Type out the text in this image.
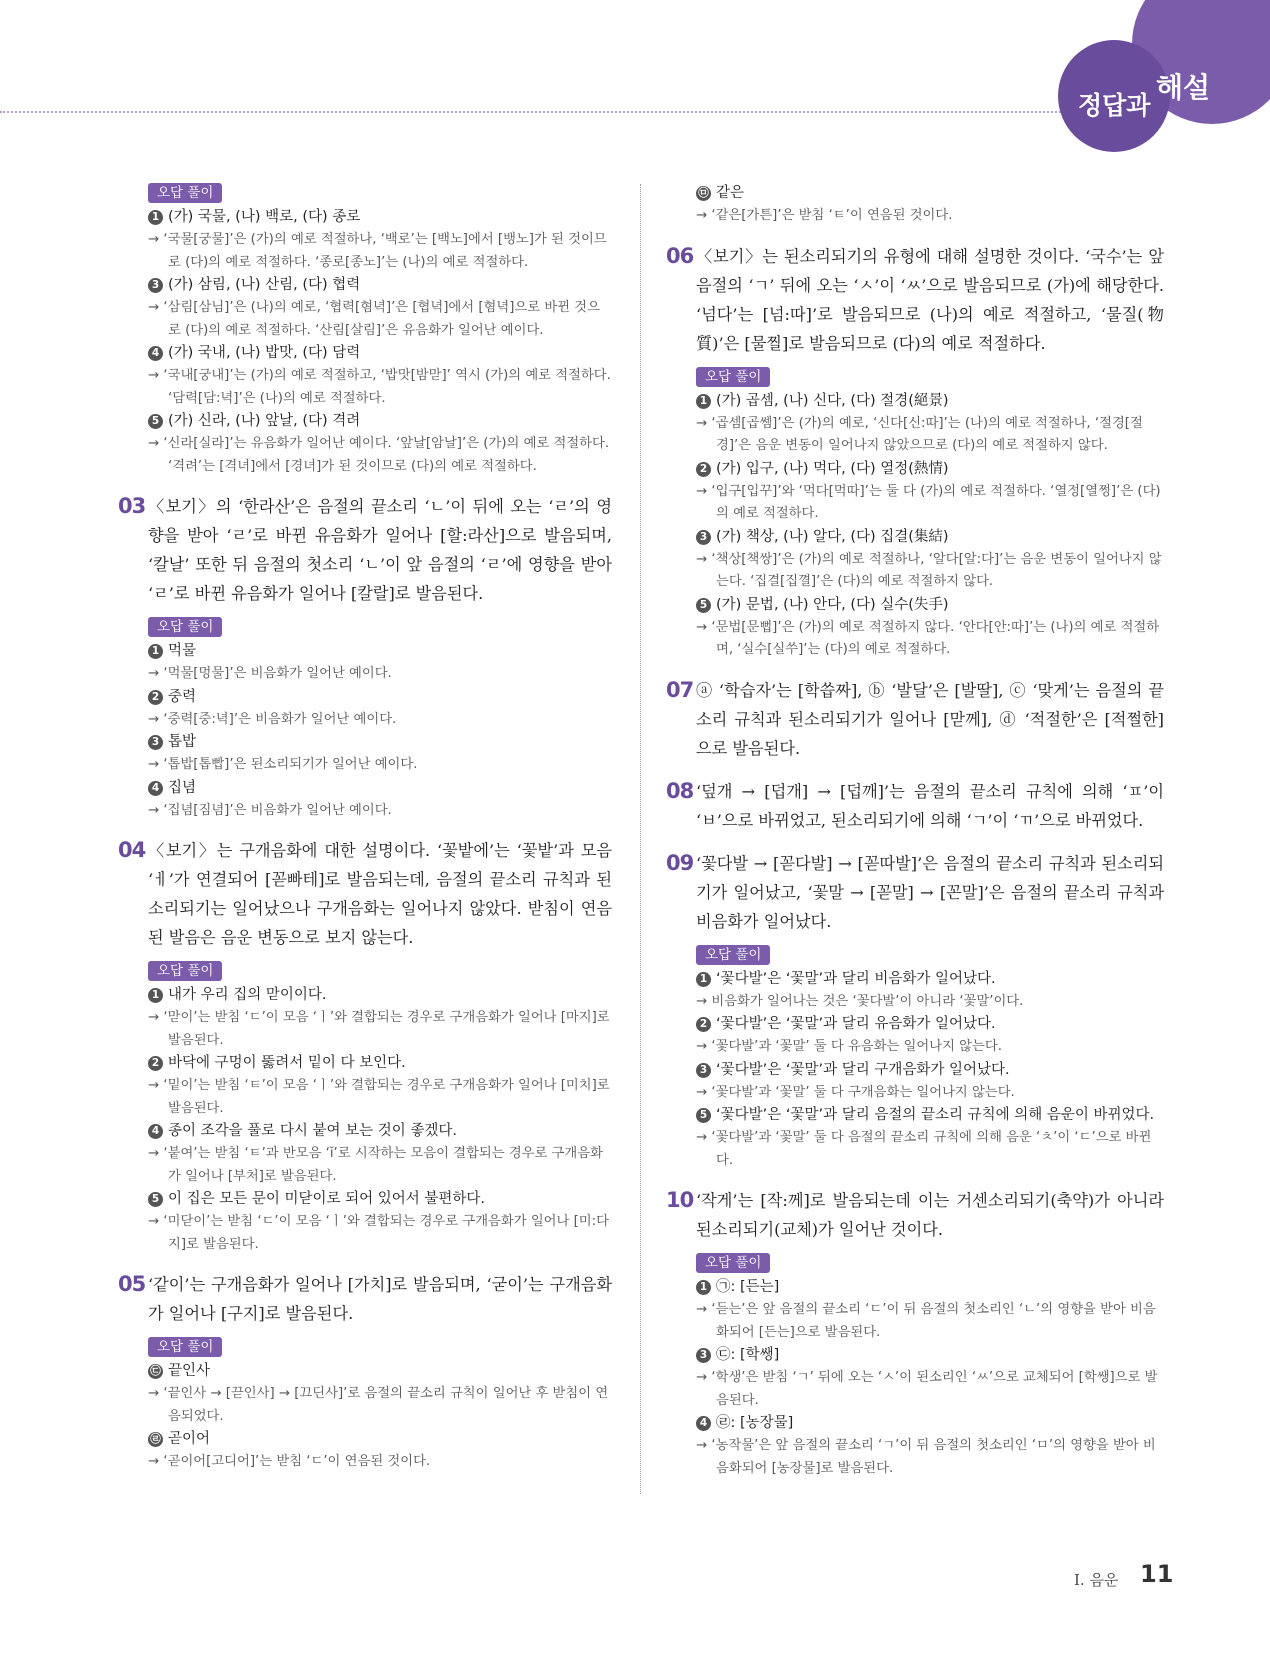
정답과
해설
오답 풀이
1 (가) 국물, (나) 백로, (다) 종로
→ ‘국물[궁물]’은 (가)의 예로 적절하나, ‘백로’는 [백노]에서 [뱅노]가 된 것이므로 (다)의 예로 적절하다. ‘종로[종노]’는 (나)의 예로 적절하다.
3 (가) 삼림, (나) 산림, (다) 협력
→ ‘삼림[삼님]’은 (나)의 예로, ‘협력[혐녁]’은 [협녁]에서 [혐녁]으로 바뀐 것으로 (다)의 예로 적절하다. ‘산림[살림]’은 유음화가 일어난 예이다.
4 (가) 국내, (나) 밥맛, (다) 담력
→ ‘국내[궁내]’는 (가)의 예로 적절하고, ‘밥맛[밤맏]’ 역시 (가)의 예로 적절하다. ‘담력[담:녁]’은 (나)의 예로 적절하다.
5 (가) 신라, (나) 앞날, (다) 격려
→ ‘신라[실라]’는 유음화가 일어난 예이다. ‘앞날[암날]’은 (가)의 예로 적절하다. ‘격려’는 [격녀]에서 [경녀]가 된 것이므로 (다)의 예로 적절하다.
03 〈보기〉의 ‘한라산’은 음절의 끝소리 ‘ㄴ’이 뒤에 오는 ‘ㄹ’의 영향을 받아 ‘ㄹ’로 바뀐 유음화가 일어나 [할:라산]으로 발음되며, ‘칼날’ 또한 뒤 음절의 첫소리 ‘ㄴ’이 앞 음절의 ‘ㄹ’에 영향을 받아 ‘ㄹ’로 바뀐 유음화가 일어나 [칼랄]로 발음된다.
오답 풀이
1 먹물
→ ‘먹물[멍물]’은 비음화가 일어난 예이다.
2 중력
→ ‘중력[중:녁]’은 비음화가 일어난 예이다.
3 톱밥
→ ‘톱밥[톱빱]’은 된소리되기가 일어난 예이다.
4 집념
→ ‘집념[짐념]’은 비음화가 일어난 예이다.
04 〈보기〉는 구개음화에 대한 설명이다. ‘꽃밭에’는 ‘꽃밭’과 모음 ‘ㅔ’가 연결되어 [꼳빠테]로 발음되는데, 음절의 끝소리 규칙과 된소리되기는 일어났으나 구개음화는 일어나지 않았다. 받침이 연음된 발음은 음운 변동으로 보지 않는다.
오답 풀이
1 내가 우리 집의 맏이이다.
→ ‘맏이’는 받침 ‘ㄷ’이 모음 ‘ㅣ’와 결합되는 경우로 구개음화가 일어나 [마지]로 발음된다.
2 바닥에 구멍이 뚫려서 밑이 다 보인다.
→ ‘밑이’는 받침 ‘ㅌ’이 모음 ‘ㅣ’와 결합되는 경우로 구개음화가 일어나 [미치]로 발음된다.
4 종이 조각을 풀로 다시 붙여 보는 것이 좋겠다.
→ ‘붙여’는 받침 ‘ㅌ’과 반모음 ‘ĭ’로 시작하는 모음이 결합되는 경우로 구개음화가 일어나 [부처]로 발음된다.
5 이 집은 모든 문이 미닫이로 되어 있어서 불편하다.
→ ‘미닫이’는 받침 ‘ㄷ’이 모음 ‘ㅣ’와 결합되는 경우로 구개음화가 일어나 [미:다지]로 발음된다.
05 ‘같이’는 구개음화가 일어나 [가치]로 발음되며, ‘굳이’는 구개음화가 일어나 [구지]로 발음된다.
오답 풀이
㉢ 끝인사
→ ‘끝인사 → [끋인사] → [끄딘사]’로 음절의 끝소리 규칙이 일어난 후 받침이 연음되었다.
㉣ 곧이어
→ ‘곧이어[고디어]’는 받침 ‘ㄷ’이 연음된 것이다.
㉤ 같은
→ ‘같은[가튼]’은 받침 ‘ㅌ’이 연음된 것이다.
06 〈보기〉는 된소리되기의 유형에 대해 설명한 것이다. ‘국수’는 앞 음절의 ‘ㄱ’ 뒤에 오는 ‘ㅅ’이 ‘ㅆ’으로 발음되므로 (가)에 해당한다. ‘넘다’는 [넘:따]’로 발음되므로 (나)의 예로 적절하고, ‘물질(物質)’은 [물찔]로 발음되므로 (다)의 예로 적절하다.
오답 풀이
1 (가) 곱셈, (나) 신다, (다) 절경(絕景)
→ ‘곱셈[곱쎔]’은 (가)의 예로, ‘신다[신:따]’는 (나)의 예로 적절하나, ‘절경[절경]’은 음운 변동이 일어나지 않았으므로 (다)의 예로 적절하지 않다.
2 (가) 입구, (나) 먹다, (다) 열정(熱情)
→ ‘입구[입꾸]’와 ‘먹다[먹따]’는 둘 다 (가)의 예로 적절하다. ‘열정[열쩡]’은 (다)의 예로 적절하다.
3 (가) 책상, (나) 알다, (다) 집결(集結)
→ ‘책상[책쌍]’은 (가)의 예로 적절하나, ‘알다[알:다]’는 음운 변동이 일어나지 않는다. ‘집결[집껼]’은 (다)의 예로 적절하지 않다.
5 (가) 문법, (나) 안다, (다) 실수(失手)
→ ‘문법[문뻡]’은 (가)의 예로 적절하지 않다. ‘안다[안:따]’는 (나)의 예로 적절하며, ‘실수[실쑤]’는 (다)의 예로 적절하다.
07 ⓐ ‘학습자’는 [학씁짜], ⓑ ‘발달’은 [발딸], ⓒ ‘맞게’는 음절의 끝소리 규칙과 된소리되기가 일어나 [맏께], ⓓ ‘적절한’은 [적쩔한]으로 발음된다.
08 ‘덮개 → [덥개] → [덥깨]’는 음절의 끝소리 규칙에 의해 ‘ㅍ’이 ‘ㅂ’으로 바뀌었고, 된소리되기에 의해 ‘ㄱ’이 ‘ㄲ’으로 바뀌었다.
09 ‘꽃다발 → [꼳다발] → [꼳따발]’은 음절의 끝소리 규칙과 된소리되기가 일어났고, ‘꽃말 → [꼳말] → [꼰말]’은 음절의 끝소리 규칙과 비음화가 일어났다.
오답 풀이
1 ‘꽃다발’은 ‘꽃말’과 달리 비음화가 일어났다.
→ 비음화가 일어나는 것은 ‘꽃다발’이 아니라 ‘꽃말’이다.
2 ‘꽃다발’은 ‘꽃말’과 달리 유음화가 일어났다.
→ ‘꽃다발’과 ‘꽃말’ 둘 다 유음화는 일어나지 않는다.
3 ‘꽃다발’은 ‘꽃말’과 달리 구개음화가 일어났다.
→ ‘꽃다발’과 ‘꽃말’ 둘 다 구개음화는 일어나지 않는다.
5 ‘꽃다발’은 ‘꽃말’과 달리 음절의 끝소리 규칙에 의해 음운이 바뀌었다.
→ ‘꽃다발’과 ‘꽃말’ 둘 다 음절의 끝소리 규칙에 의해 음운 ‘ㅊ’이 ‘ㄷ’으로 바뀐다.
10 ‘작게’는 [작:께]로 발음되는데 이는 거센소리되기(축약)가 아니라 된소리되기(교체)가 일어난 것이다.
오답 풀이
1 ㉠: [든는]
→ ‘듣는’은 앞 음절의 끝소리 ‘ㄷ’이 뒤 음절의 첫소리인 ‘ㄴ’의 영향을 받아 비음화되어 [든는]으로 발음된다.
3 ㉢: [학쌩]
→ ‘학생’은 받침 ‘ㄱ’ 뒤에 오는 ‘ㅅ’이 된소리인 ‘ㅆ’으로 교체되어 [학쌩]으로 발음된다.
4 ㉣: [농장물]
→ ‘농작물’은 앞 음절의 끝소리 ‘ㄱ’이 뒤 음절의 첫소리인 ‘ㅁ’의 영향을 받아 비음화되어 [농장물]로 발음된다.
Ⅰ. 음운 11
